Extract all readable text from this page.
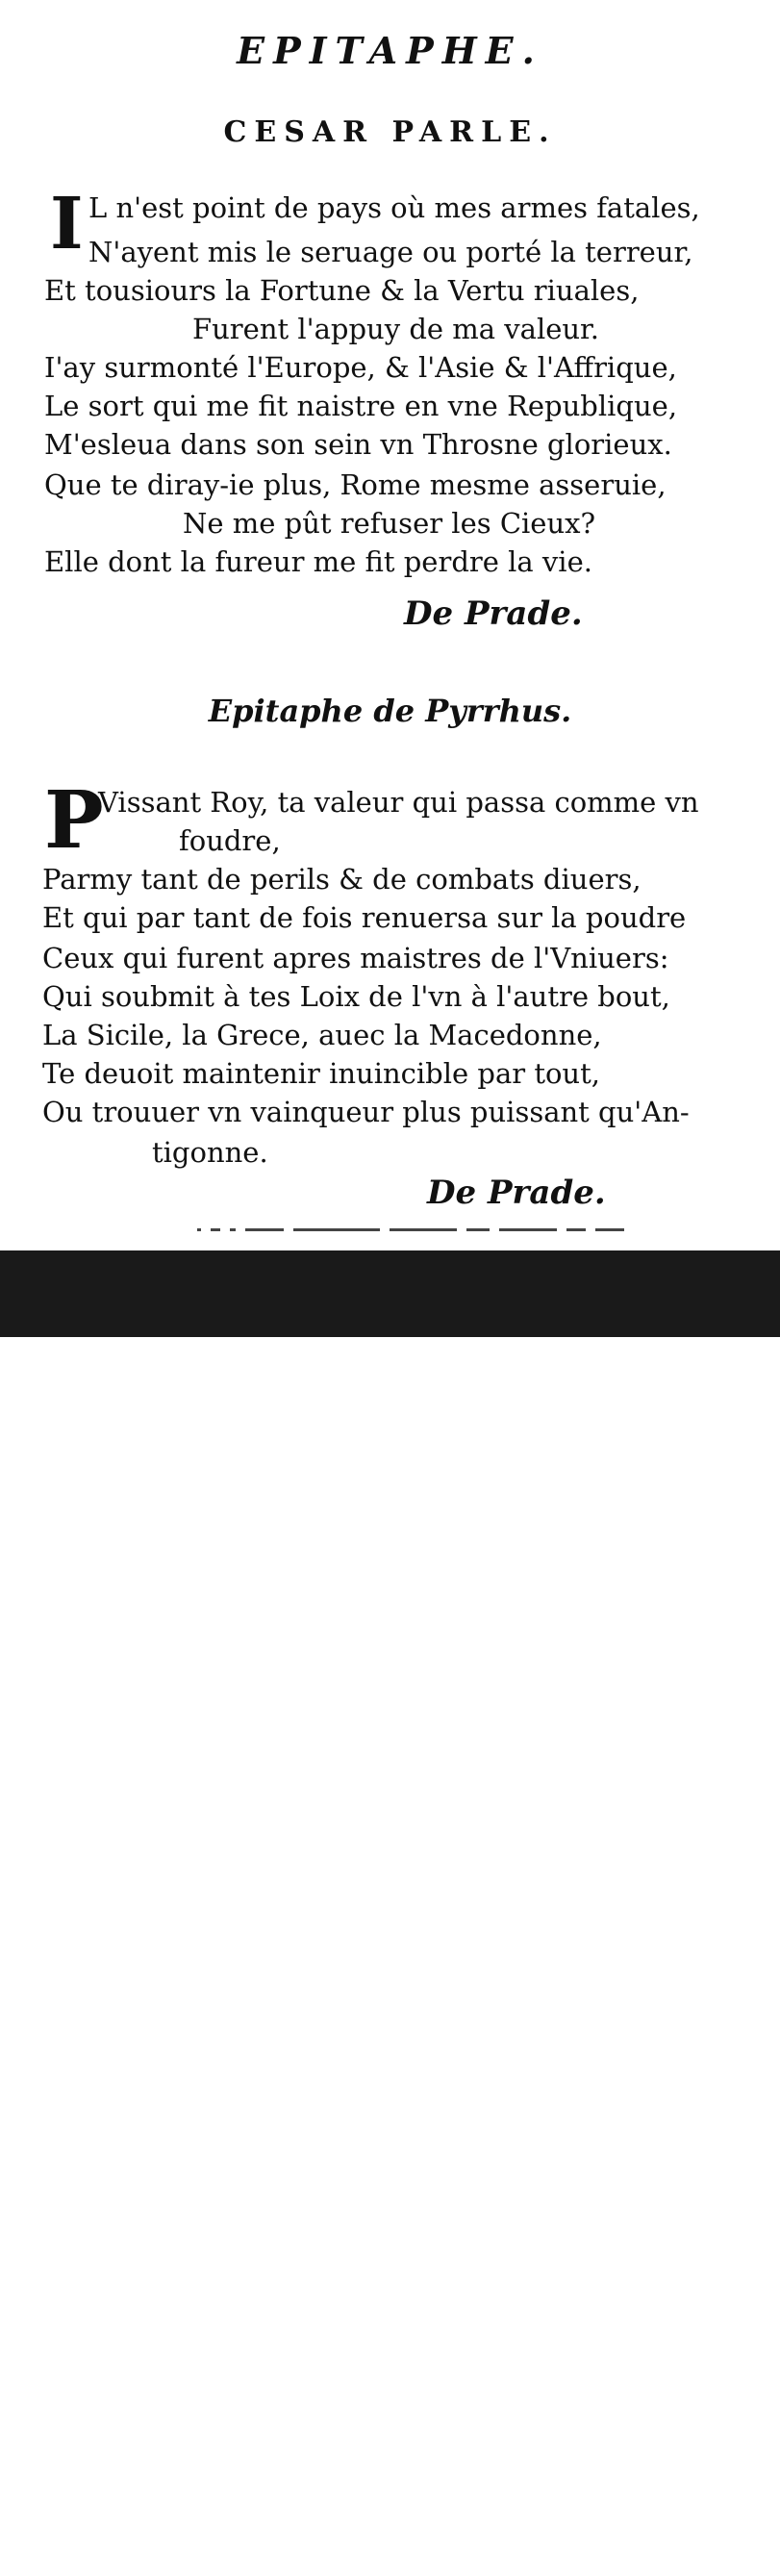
EPITAPHE.
CESAR PARLE.
I L n'est point de pays où mes armes fatales,
N'ayent mis le seruage ou porté la terreur,
Et tousiours la Fortune & la Vertu riuales,
Furent l'appuy de ma valeur.
I'ay surmonté l'Europe, & l'Asie & l'Affrique,
Le sort qui me fit naistre en vne Republique,
M'esleua dans son sein vn Throsne glorieux.
Que te diray-ie plus, Rome mesme asseruie,
Ne me pût refuser les Cieux?
Elle dont la fureur me fit perdre la vie.
De Prade.
Epitaphe de Pyrrhus.
P
Vissant Roy, ta valeur qui passa comme vn
foudre,
Parmy tant de perils & de combats diuers,
Et qui par tant de fois renuersa sur la poudre
Ceux qui furent apres maistres de l'Vniuers:
Qui soubmit à tes Loix de l'vn à l'autre bout,
La Sicile, la Grece, auec la Macedonne,
Te deuoit maintenir inuincible par tout,
Ou trouuer vn vainqueur plus puissant qu'An-
tigonne.
De Prade.
alamy	P5WJAX
www.alamy.com
